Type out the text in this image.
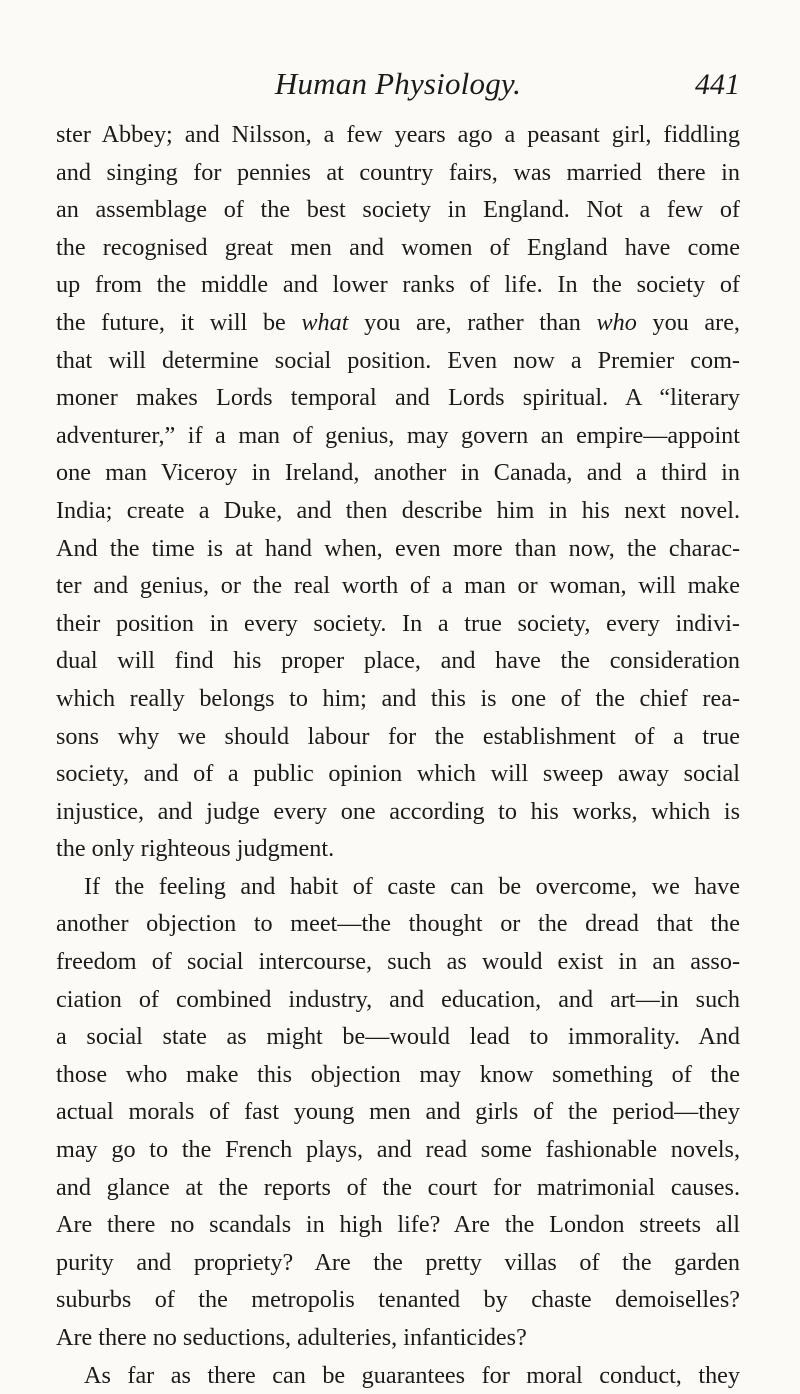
Human Physiology.	441
ster Abbey; and Nilsson, a few years ago a peasant girl, fiddling
and singing for pennies at country fairs, was married there in
an assemblage of the best society in England. Not a few of
the recognised great men and women of England have come
up from the middle and lower ranks of life. In the society of
the future, it will be what you are, rather than who you are,
that will determine social position. Even now a Premier com-
moner makes Lords temporal and Lords spiritual. A “literary
adventurer,” if a man of genius, may govern an empire—appoint
one man Viceroy in Ireland, another in Canada, and a third in
India; create a Duke, and then describe him in his next novel.
And the time is at hand when, even more than now, the charac-
ter and genius, or the real worth of a man or woman, will make
their position in every society. In a true society, every indivi-
dual will find his proper place, and have the consideration
which really belongs to him; and this is one of the chief rea-
sons why we should labour for the establishment of a true
society, and of a public opinion which will sweep away social
injustice, and judge every one according to his works, which is
the only righteous judgment.
If the feeling and habit of caste can be overcome, we have
another objection to meet—the thought or the dread that the
freedom of social intercourse, such as would exist in an asso-
ciation of combined industry, and education, and art—in such
a social state as might be—would lead to immorality. And
those who make this objection may know something of the
actual morals of fast young men and girls of the period—they
may go to the French plays, and read some fashionable novels,
and glance at the reports of the court for matrimonial causes.
Are there no scandals in high life? Are the London streets all
purity and propriety? Are the pretty villas of the garden
suburbs of the metropolis tenanted by chaste demoiselles?
Are there no seductions, adulteries, infanticides?
As far as there can be guarantees for moral conduct, they
